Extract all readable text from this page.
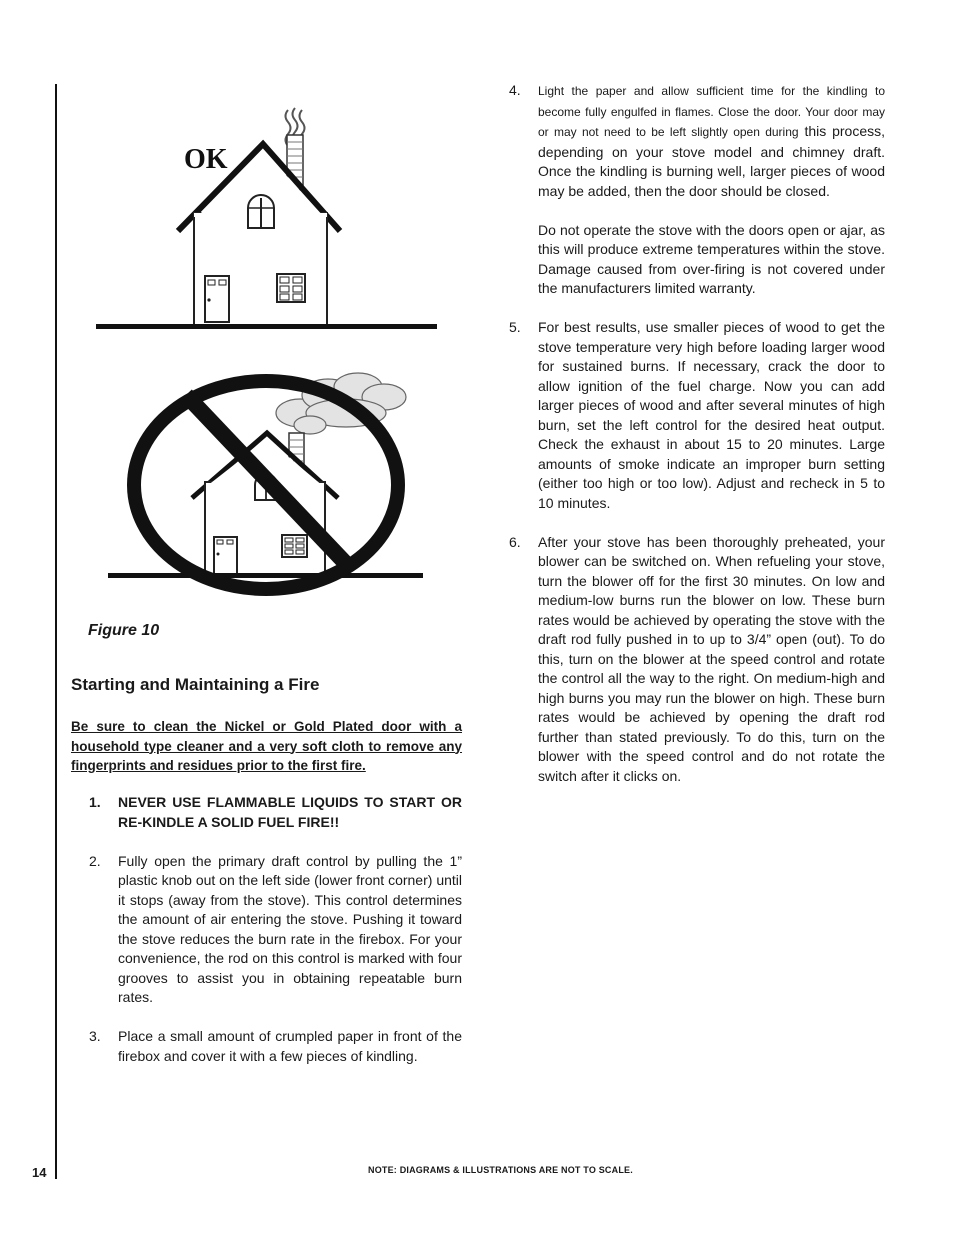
OK
Figure 10
Starting and Maintaining a Fire
Be sure to clean the Nickel or Gold Plated door with a household type cleaner and a very soft cloth to remove any fingerprints and residues prior to the first fire.
1. NEVER USE FLAMMABLE LIQUIDS TO START OR RE-KINDLE A SOLID FUEL FIRE!!
2. Fully open the primary draft control by pulling the 1” plastic knob out on the left side (lower front corner) until it stops (away from the stove). This control determines the amount of air entering the stove. Pushing it toward the stove reduces the burn rate in the firebox. For your convenience, the rod on this control is marked with four grooves to assist you in obtaining repeatable burn rates.
3. Place a small amount of crumpled paper in front of the firebox and cover it with a few pieces of kindling.
4. Light the paper and allow sufficient time for the kindling to become fully engulfed in flames. Close the door. Your door may or may not need to be left slightly open during this process, depending on your stove model and chimney draft. Once the kindling is burning well, larger pieces of wood may be added, then the door should be closed.
Do not operate the stove with the doors open or ajar, as this will produce extreme temperatures within the stove. Damage caused from over-firing is not covered under the manufacturers limited warranty.
5. For best results, use smaller pieces of wood to get the stove temperature very high before loading larger wood for sustained burns. If necessary, crack the door to allow ignition of the fuel charge. Now you can add larger pieces of wood and after several minutes of high burn, set the left control for the desired heat output. Check the exhaust in about 15 to 20 minutes. Large amounts of smoke indicate an improper burn setting (either too high or too low). Adjust and recheck in 5 to 10 minutes.
6. After your stove has been thoroughly preheated, your blower can be switched on. When refueling your stove, turn the blower off for the first 30 minutes. On low and medium-low burns run the blower on low. These burn rates would be achieved by operating the stove with the draft rod fully pushed in to up to 3/4” open (out). To do this, turn on the blower at the speed control and rotate the control all the way to the right. On medium-high and high burns you may run the blower on high. These burn rates would be achieved by opening the draft rod further than stated previously. To do this, turn on the blower with the speed control and do not rotate the switch after it clicks on.
14	NOTE: DIAGRAMS & ILLUSTRATIONS ARE NOT TO SCALE.
